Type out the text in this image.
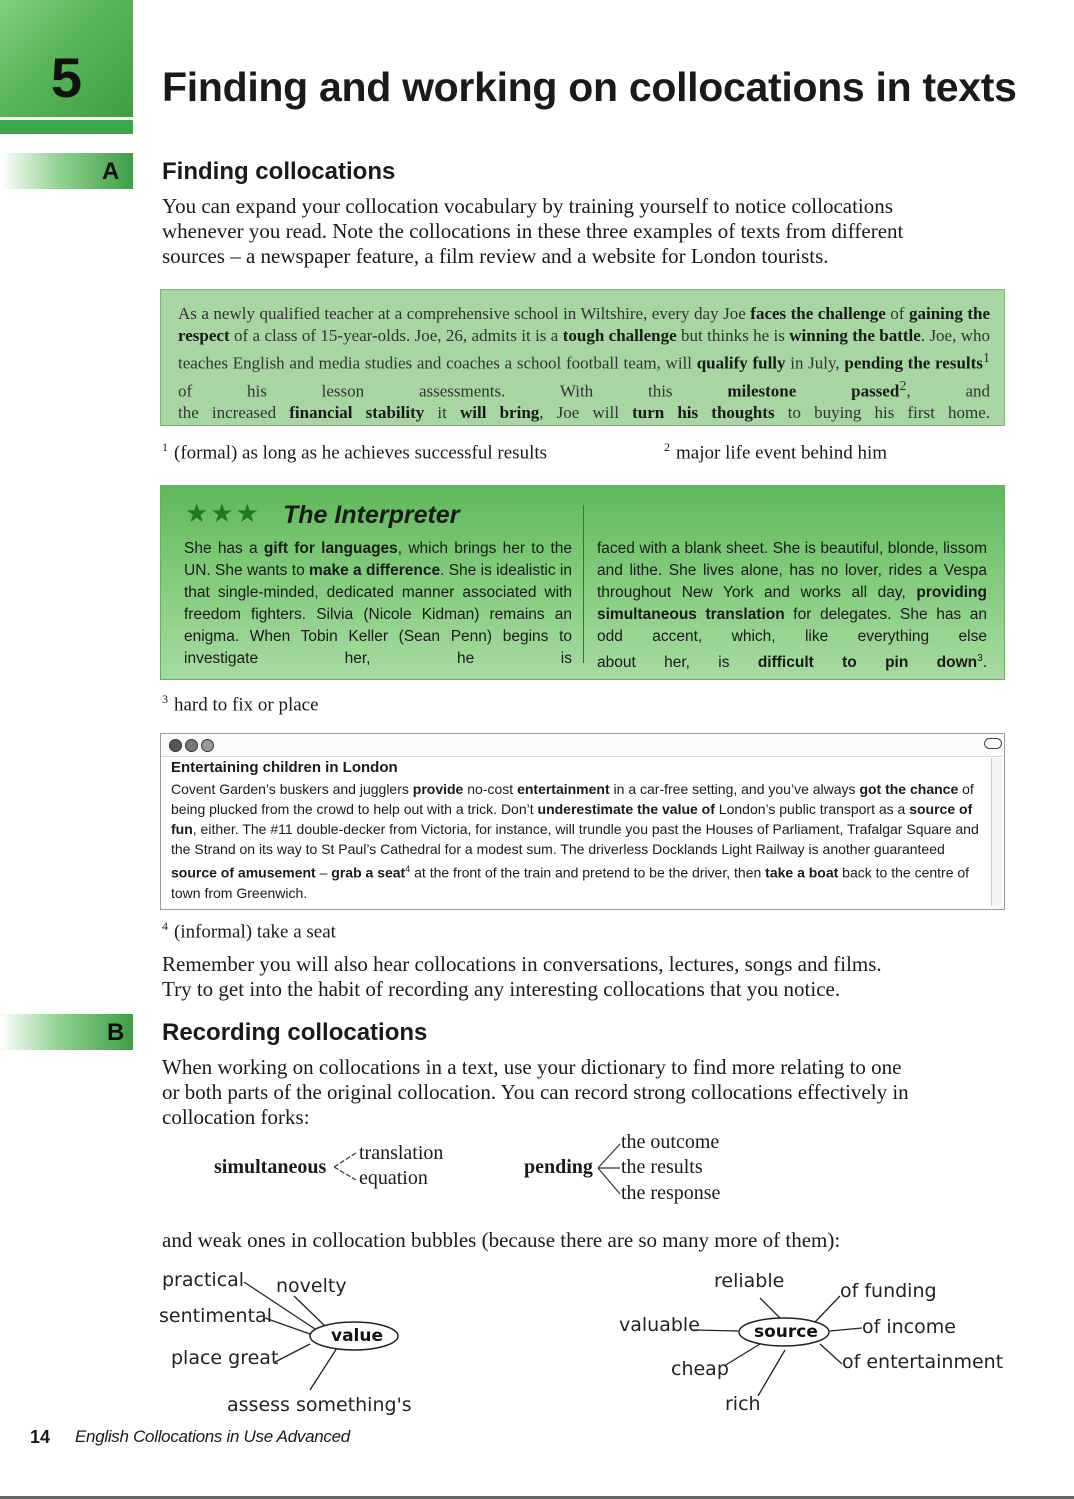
5	Finding and working on collocations in texts
A Finding collocations
You can expand your collocation vocabulary by training yourself to notice collocations
whenever you read. Note the collocations in these three examples of texts from different
sources – a newspaper feature, a film review and a website for London tourists.
As a newly qualified teacher at a comprehensive school in Wiltshire, every day Joe faces the challenge of gaining the respect of a class of 15-year-olds. Joe, 26, admits it is a tough challenge but thinks he is winning the battle. Joe, who teaches English and media studies and coaches a school football team, will qualify fully in July, pending the results$^1$ of his lesson assessments. With this milestone passed$^2$, and the increased financial stability it will bring, Joe will turn his thoughts to buying his first home.
$^1$ (formal) as long as he achieves successful results	$^2$ major life event behind him
★★★ The Interpreter
She has a gift for languages, which brings her to the UN. She wants to make a difference. She is idealistic in that single-minded, dedicated manner associated with freedom fighters. Silvia (Nicole Kidman) remains an enigma. When Tobin Keller (Sean Penn) begins to investigate her, he is
faced with a blank sheet. She is beautiful, blonde, lissom and lithe. She lives alone, has no lover, rides a Vespa throughout New York and works all day, providing simultaneous translation for delegates. She has an odd accent, which, like everything else about her, is difficult to pin down$^3$.
$^3$ hard to fix or place
Entertaining children in London
Covent Garden’s buskers and jugglers provide no-cost entertainment in a car-free setting, and you’ve always got the chance of being plucked from the crowd to help out with a trick. Don’t underestimate the value of London’s public transport as a source of fun, either. The #11 double-decker from Victoria, for instance, will trundle you past the Houses of Parliament, Trafalgar Square and the Strand on its way to St Paul’s Cathedral for a modest sum. The driverless Docklands Light Railway is another guaranteed source of amusement – grab a seat$^4$ at the front of the train and pretend to be the driver, then take a boat back to the centre of town from Greenwich.
$^4$ (informal) take a seat
Remember you will also hear collocations in conversations, lectures, songs and films.
Try to get into the habit of recording any interesting collocations that you notice.
B Recording collocations
When working on collocations in a text, use your dictionary to find more relating to one
or both parts of the original collocation. You can record strong collocations effectively in
collocation forks:
simultaneous
translation
equation	pending
the outcome
the results
the response
and weak ones in collocation bubbles (because there are so many more of them):
value
practical novelty
sentimental
place great
assess something's
source
reliable	of funding
valuable	of income
cheap	of entertainment
rich
14 English Collocations in Use Advanced
